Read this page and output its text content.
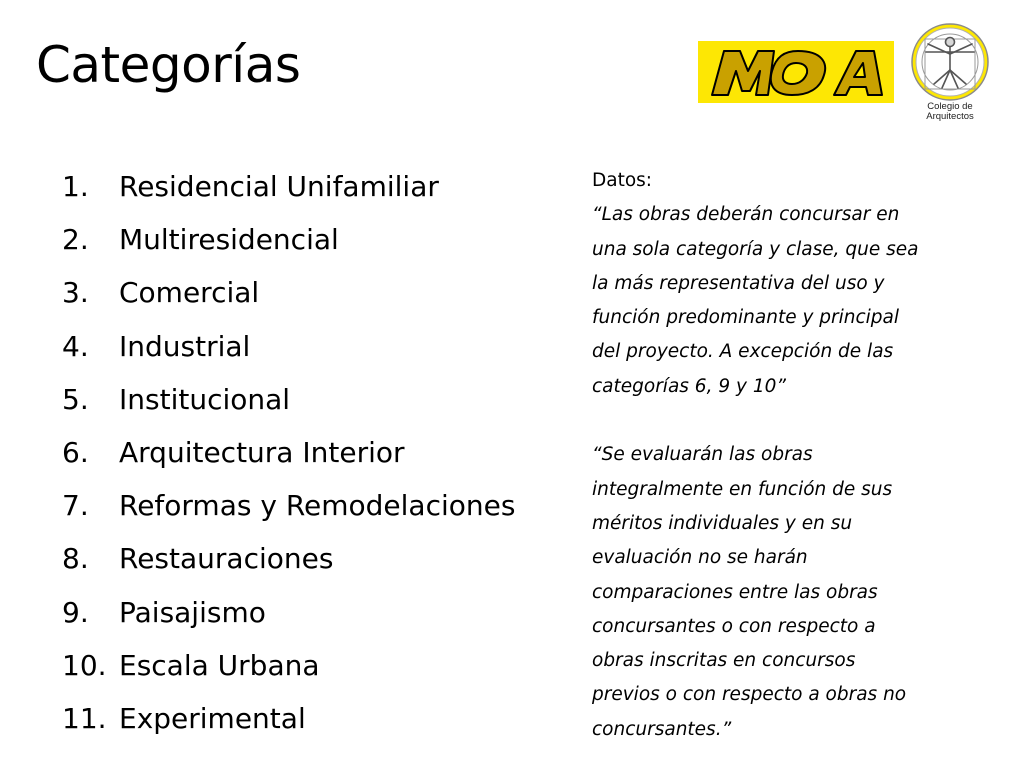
Categorías

Colegio de

Arquitectos

1.	Residencial Unifamiliar
2.	Multiresidencial
3.	Comercial
4.	Industrial
5.	Institucional
6.	Arquitectura Interior
7.	Reformas y Remodelaciones
8.	Restauraciones
9.	Paisajismo
10. Escala Urbana
11. Experimental

Datos:

“Las obras deberán concursar en

una sola categoría y clase, que sea

la más representativa del uso y

función predominante y principal

del proyecto. A excepción de las

categorías 6, 9 y 10”

“Se evaluarán las obras

integralmente en función de sus

méritos individuales y en su

evaluación no se harán

comparaciones entre las obras

concursantes o con respecto a

obras inscritas en concursos

previos o con respecto a obras no

concursantes.”
